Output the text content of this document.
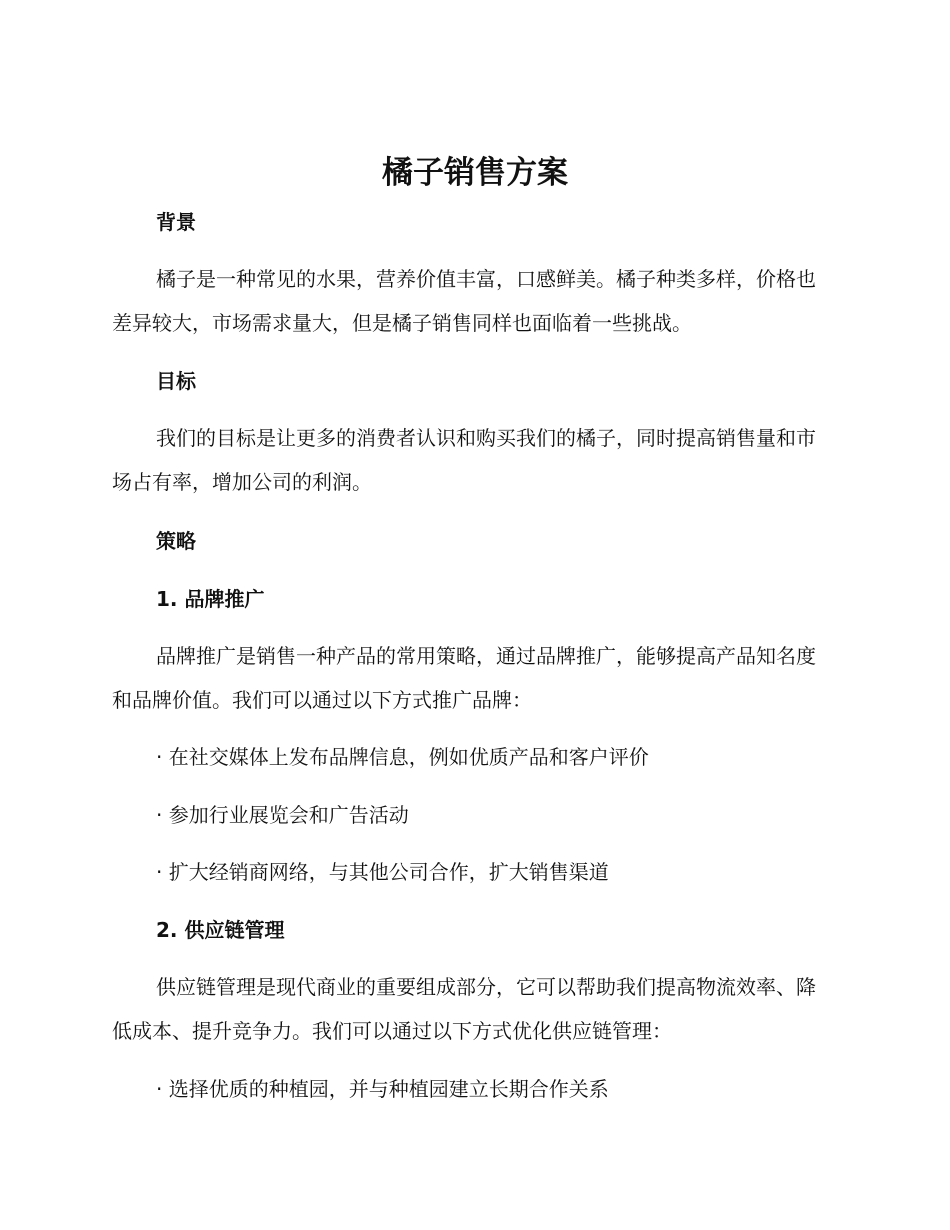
橘子销售方案
背景

橘子是一种常见的水果，营养价值丰富，口感鲜美。橘子种类多样，价格也差异较大，市场需求量大，但是橘子销售同样也面临着一些挑战。

目标

我们的目标是让更多的消费者认识和购买我们的橘子，同时提高销售量和市场占有率，增加公司的利润。

策略
1. 品牌推广

品牌推广是销售一种产品的常用策略，通过品牌推广，能够提高产品知名度和品牌价值。我们可以通过以下方式推广品牌：

· 在社交媒体上发布品牌信息，例如优质产品和客户评价

· 参加行业展览会和广告活动

· 扩大经销商网络，与其他公司合作，扩大销售渠道

2. 供应链管理

供应链管理是现代商业的重要组成部分，它可以帮助我们提高物流效率、降低成本、提升竞争力。我们可以通过以下方式优化供应链管理：

· 选择优质的种植园，并与种植园建立长期合作关系
